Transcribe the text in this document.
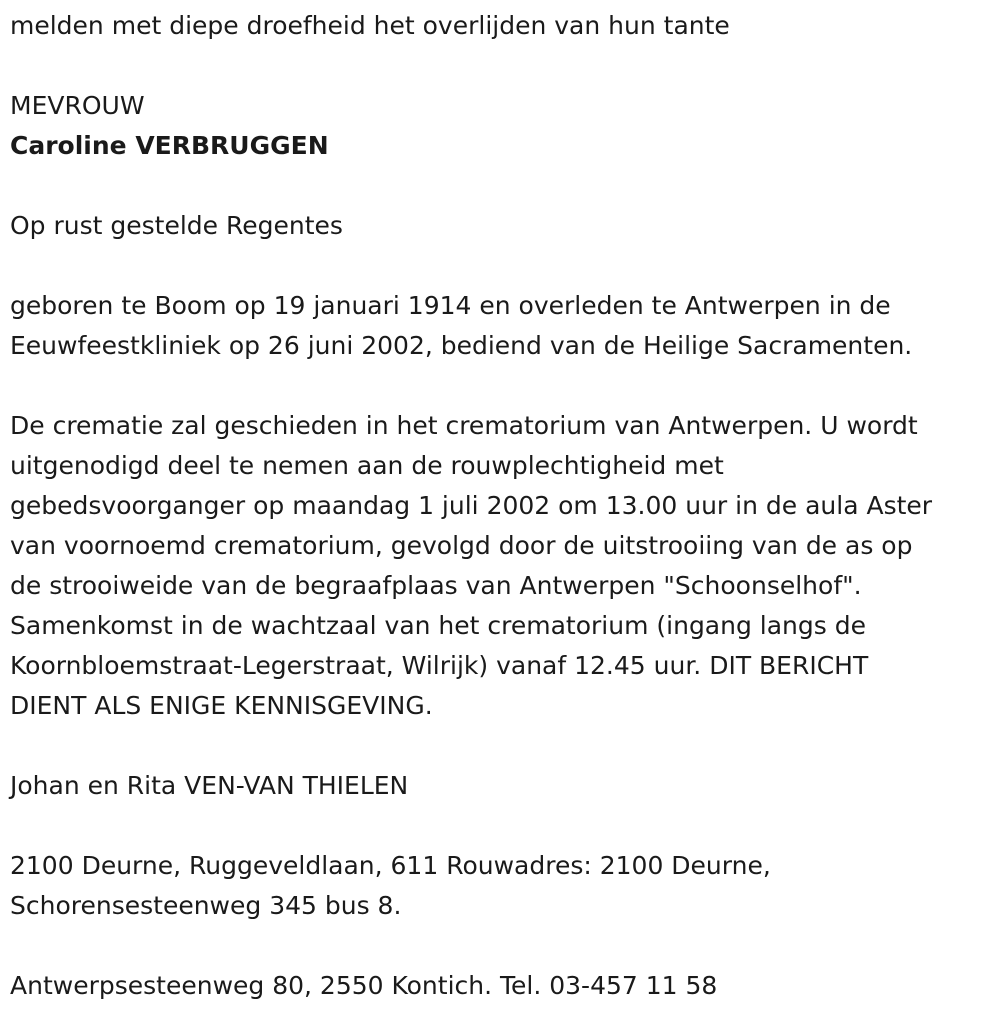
melden met diepe droefheid het overlijden van hun tante

MEVROUW

Caroline VERBRUGGEN

Op rust gestelde Regentes

geboren te Boom op 19 januari 1914 en overleden te Antwerpen in de

Eeuwfeestkliniek op 26 juni 2002, bediend van de Heilige Sacramenten.

De crematie zal geschieden in het crematorium van Antwerpen. U wordt

uitgenodigd deel te nemen aan de rouwplechtigheid met

gebedsvoorganger op maandag 1 juli 2002 om 13.00 uur in de aula Aster

van voornoemd crematorium, gevolgd door de uitstrooiing van de as op

de strooiweide van de begraafplaas van Antwerpen "Schoonselhof".

Samenkomst in de wachtzaal van het crematorium (ingang langs de

Koornbloemstraat-Legerstraat, Wilrijk) vanaf 12.45 uur. DIT BERICHT

DIENT ALS ENIGE KENNISGEVING.

Johan en Rita VEN-VAN THIELEN

2100 Deurne, Ruggeveldlaan, 611 Rouwadres: 2100 Deurne,

Schorensesteenweg 345 bus 8.

Antwerpsesteenweg 80, 2550 Kontich. Tel. 03-457 11 58
